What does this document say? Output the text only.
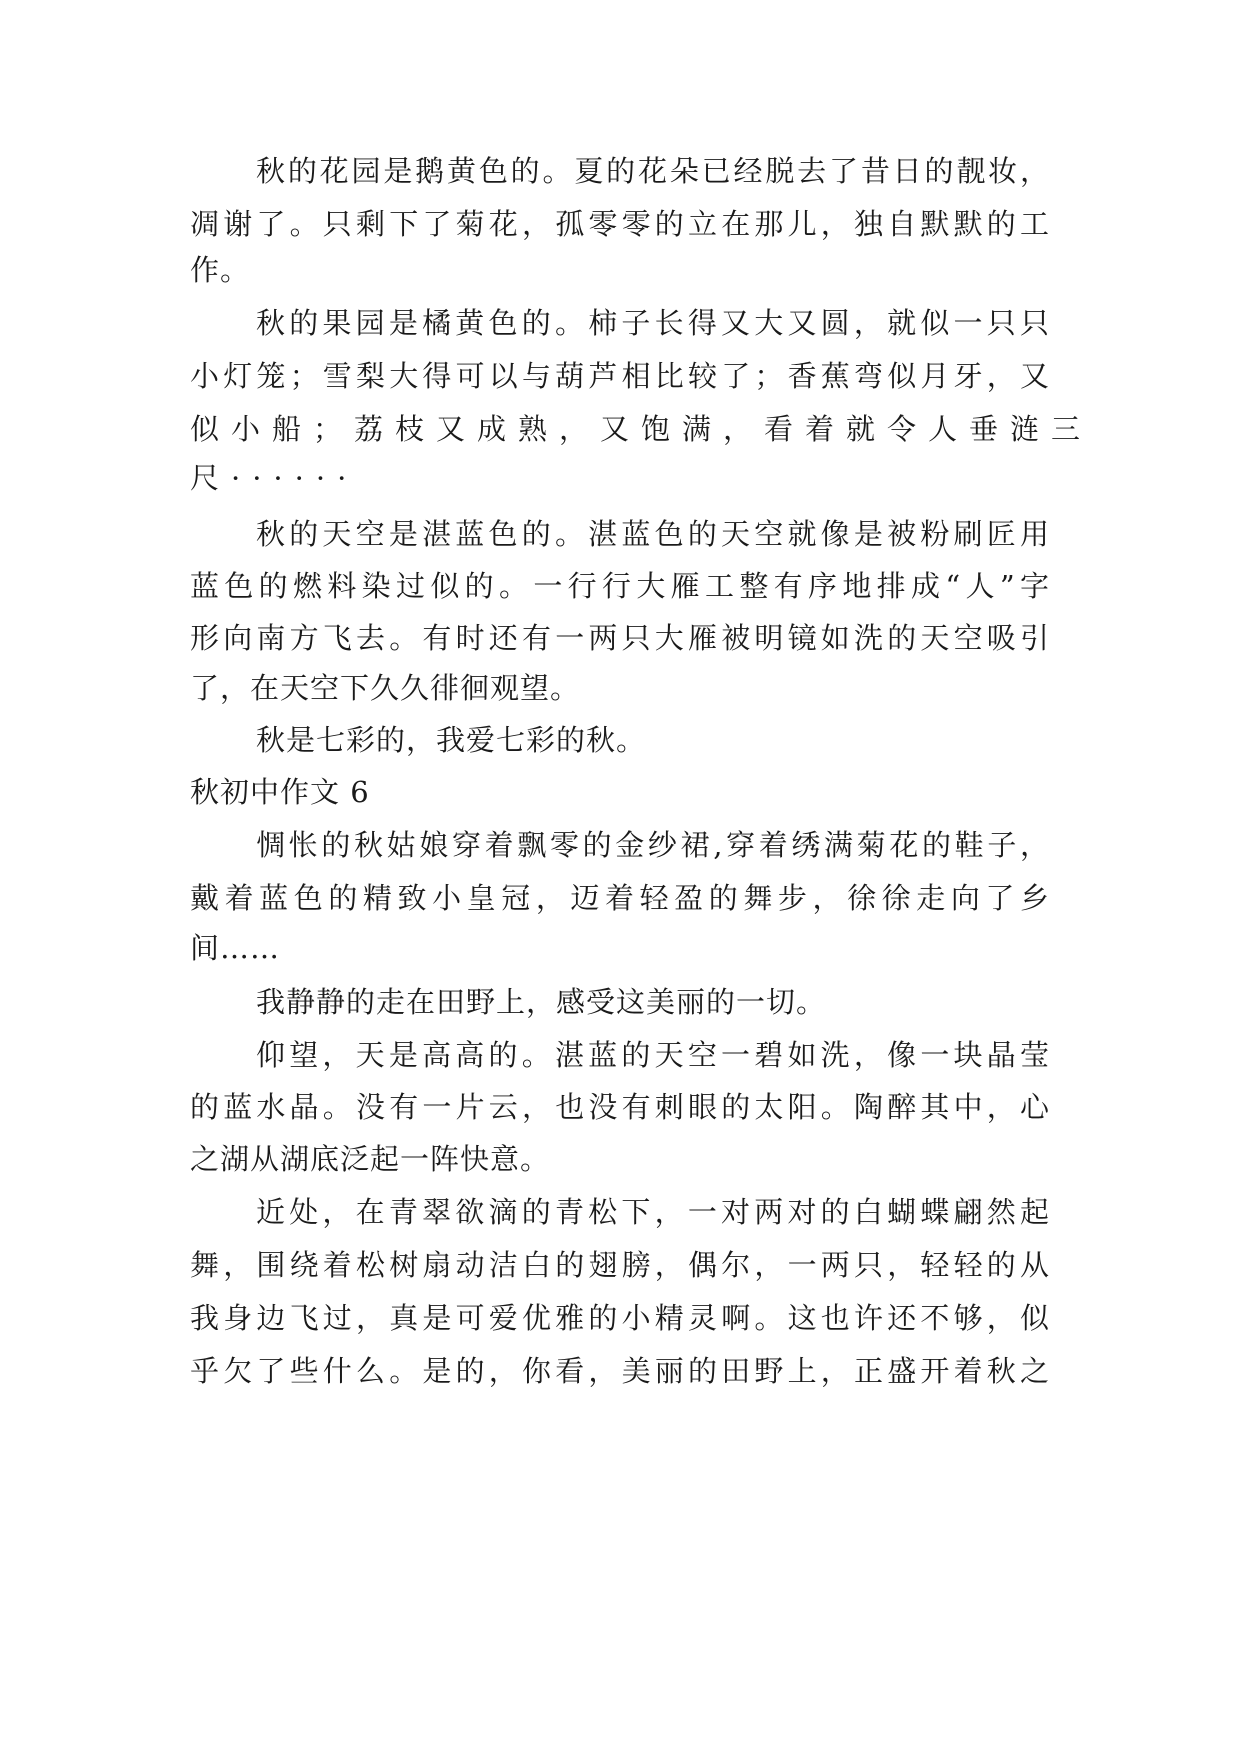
秋的花园是鹅黄色的。夏的花朵已经脱去了昔日的靓妆，
凋谢了。只剩下了菊花，孤零零的立在那儿，独自默默的工
作。
秋的果园是橘黄色的。柿子长得又大又圆，就似一只只
小灯笼；雪梨大得可以与葫芦相比较了；香蕉弯似月牙，又
似小船；荔枝又成熟，又饱满，看着就令人垂涟三
尺······
秋的天空是湛蓝色的。湛蓝色的天空就像是被粉刷匠用
蓝色的燃料染过似的。一行行大雁工整有序地排成“人”字
形向南方飞去。有时还有一两只大雁被明镜如洗的天空吸引
了，在天空下久久徘徊观望。
秋是七彩的，我爱七彩的秋。
秋初中作文 6
惆怅的秋姑娘穿着飘零的金纱裙,穿着绣满菊花的鞋子，
戴着蓝色的精致小皇冠，迈着轻盈的舞步，徐徐走向了乡
间……
我静静的走在田野上，感受这美丽的一切。
仰望，天是高高的。湛蓝的天空一碧如洗，像一块晶莹
的蓝水晶。没有一片云，也没有刺眼的太阳。陶醉其中，心
之湖从湖底泛起一阵快意。
近处，在青翠欲滴的青松下，一对两对的白蝴蝶翩然起
舞，围绕着松树扇动洁白的翅膀，偶尔，一两只，轻轻的从
我身边飞过，真是可爱优雅的小精灵啊。这也许还不够，似
乎欠了些什么。是的，你看，美丽的田野上，正盛开着秋之
